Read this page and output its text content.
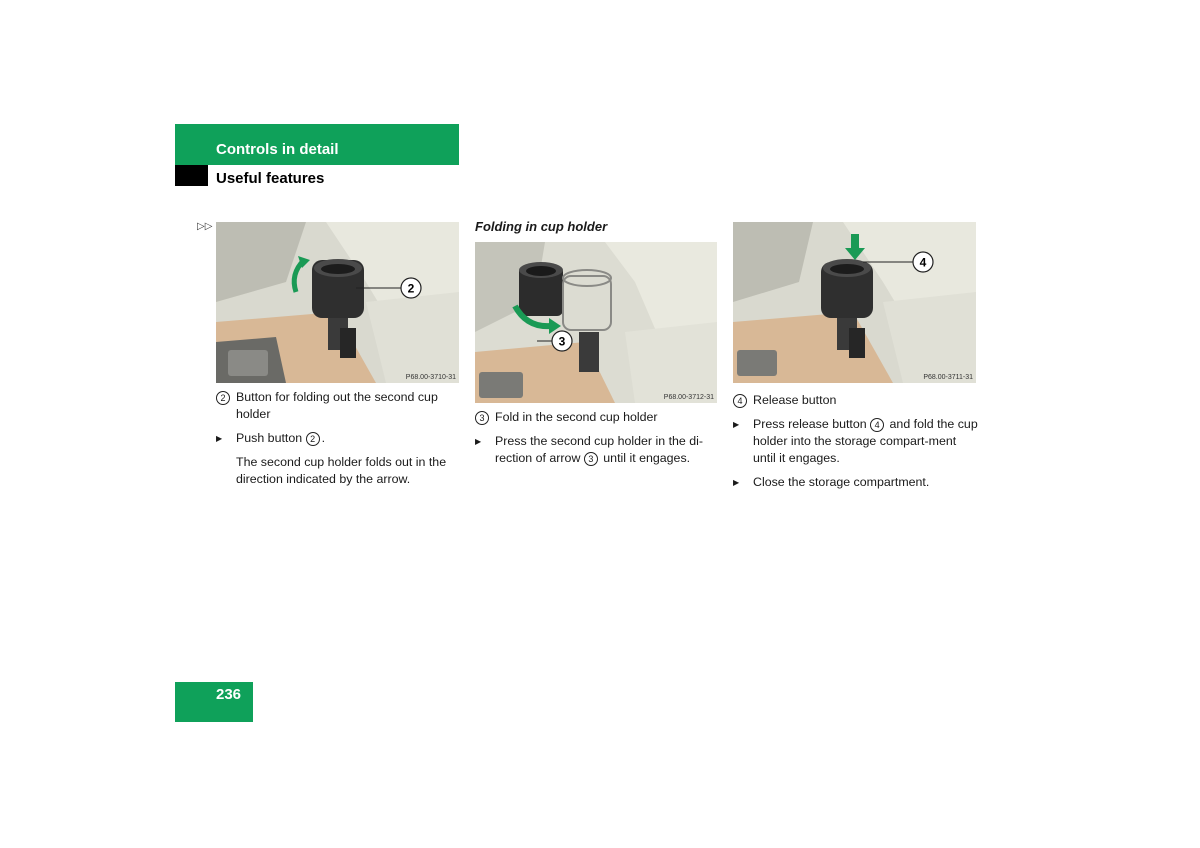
Controls in detail
Useful features
▷▷	Folding in cup holder
2
P68.00-3710-31
3
P68.00-3712-31
4
P68.00-3711-31

2 Button for folding out the second cup holder

▶ Push button 2 .

The second cup holder folds out in the direction indicated by the arrow.

3 Fold in the second cup holder

▶ Press the second cup holder in the di-rection of arrow 3 until it engages.

4 Release button

▶ Press release button 4 and fold the cup holder into the storage compart-ment until it engages.

▶ Close the storage compartment.

236
